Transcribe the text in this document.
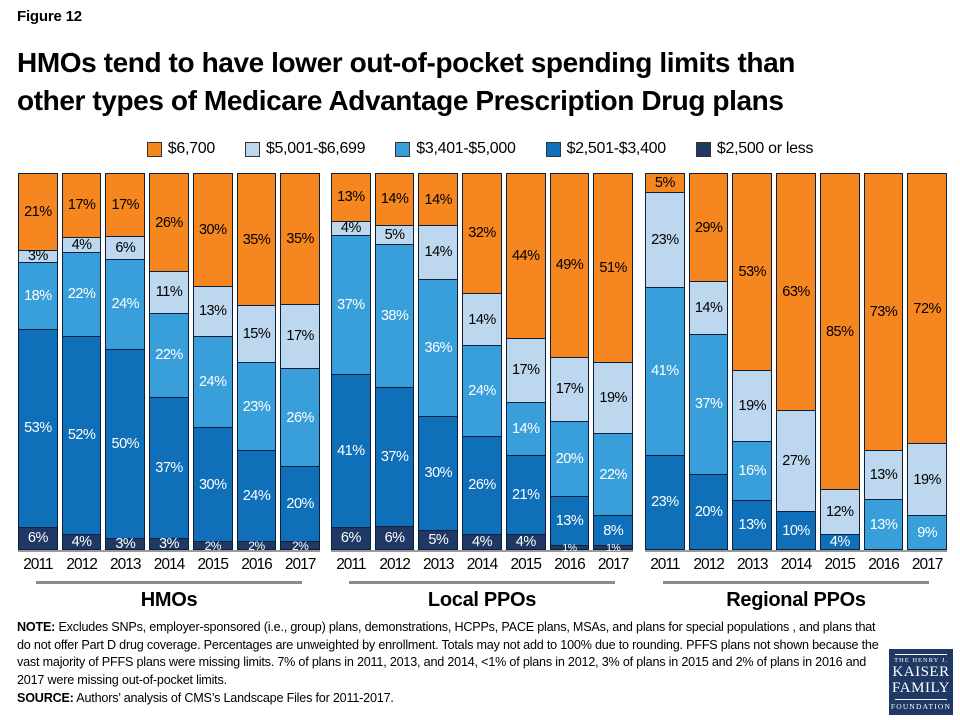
Figure 12
HMOs tend to have lower out-of-pocket spending limits than
other types of Medicare Advantage Prescription Drug plans
$6,700	$5,001-$6,699	$3,401-$5,000	$2,501-$3,400	$2,500 or less
21%
3%
18%
53%
6%
17%
4%
22%
52%
4%
17%
6%
24%
50%
3%
26%
11%
22%
37%
3%
30%
13%
24%
30%
2%
35%
15%
23%
24%
2%
35%
17%
26%
20%
2%
2011 2012 2013 2014 2015 2016 2017
HMOs
13%
4%
37%
41%
6%
14%
5%
38%
37%
6%
14%
14%
36%
30%
5%
32%
14%
24%
26%
4%
44%
17%
14%
21%
4%
49%
17%
20%
13%
1%
51%
19%
22%
8%
1%
2011 2012 2013 2014 2015 2016 2017
Local PPOs
5%
23%
41%
23%
29%
14%
37%
20%
53%
19%
16%
13%
63%
27%
10%
85%
12%
4%
73%
13%
13%
72%
19%
9%
2011 2012 2013 2014 2015 2016 2017
Regional PPOs
NOTE: Excludes SNPs, employer-sponsored (i.e., group) plans, demonstrations, HCPPs, PACE plans, MSAs, and plans for special populations , and plans that do not offer Part D drug coverage. Percentages are unweighted by enrollment. Totals may not add to 100% due to rounding. PFFS plans not shown because the vast majority of PFFS plans were missing limits. 7% of plans in 2011, 2013, and 2014, <1% of plans in 2012, 3% of plans in 2015 and 2% of plans in 2016 and 2017 were missing out-of-pocket limits.
SOURCE: Authors’ analysis of CMS’s Landscape Files for 2011-2017.
THE HENRY J.
KAISER
FAMILY
FOUNDATION
